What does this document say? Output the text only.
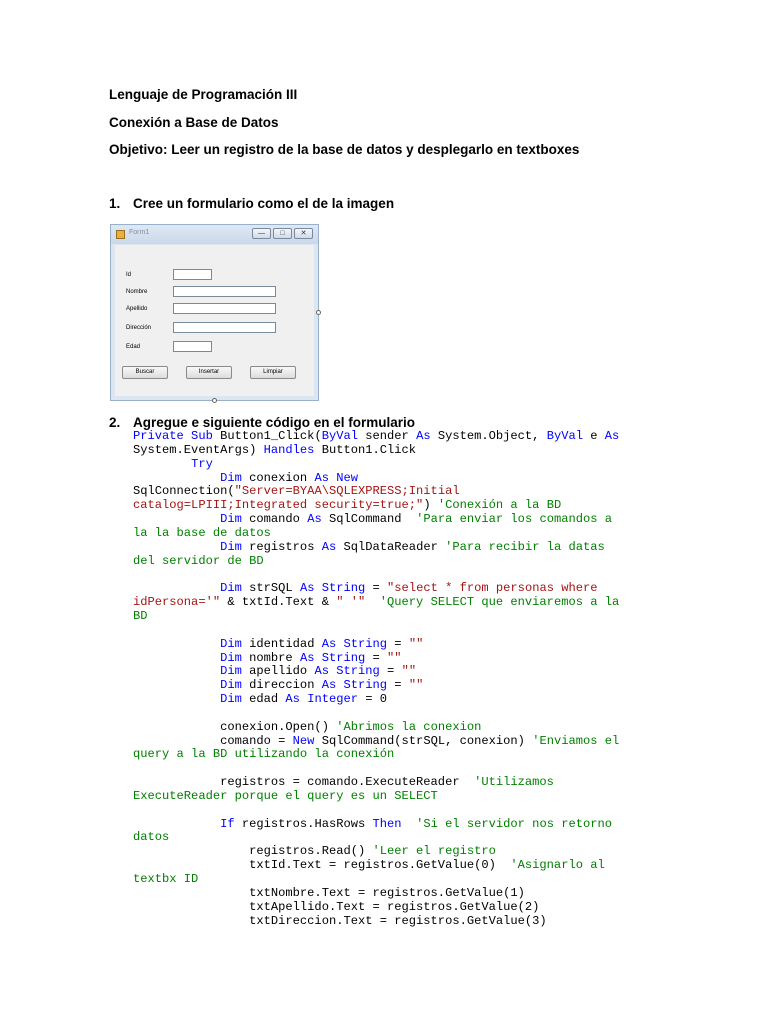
Lenguaje de Programación III
Conexión a Base de Datos
Objetivo: Leer un registro de la base de datos y desplegarlo en textboxes
1. Cree un formulario como el de la imagen
Form1	—	□	✕
Id
Nombre
Apellido
Dirección
Edad
Buscar	Insertar	Limpiar
2. Agregue e siguiente código en el formulario
Private Sub Button1_Click(ByVal sender As System.Object, ByVal e As
System.EventArgs) Handles Button1.Click
Try
Dim conexion As New
SqlConnection("Server=BYAA\SQLEXPRESS;Initial
catalog=LPIII;Integrated security=true;") 'Conexión a la BD
Dim comando As SqlCommand  'Para enviar los comandos a
la la base de datos
Dim registros As SqlDataReader 'Para recibir la datas
del servidor de BD
Dim strSQL As String = "select * from personas where
idPersona='" & txtId.Text & " '" 'Query SELECT que enviaremos a la
BD
Dim identidad As String = ""
Dim nombre As String = ""
Dim apellido As String = ""
Dim direccion As String = ""
Dim edad As Integer = 0
conexion.Open() 'Abrimos la conexion
comando = New SqlCommand(strSQL, conexion) 'Enviamos el
query a la BD utilizando la conexión
registros = comando.ExecuteReader  'Utilizamos
ExecuteReader porque el query es un SELECT
If registros.HasRows Then 'Si el servidor nos retorno
datos
registros.Read() 'Leer el registro
txtId.Text = registros.GetValue(0)  'Asignarlo al
textbx ID
txtNombre.Text = registros.GetValue(1)
txtApellido.Text = registros.GetValue(2)
txtDireccion.Text = registros.GetValue(3)
